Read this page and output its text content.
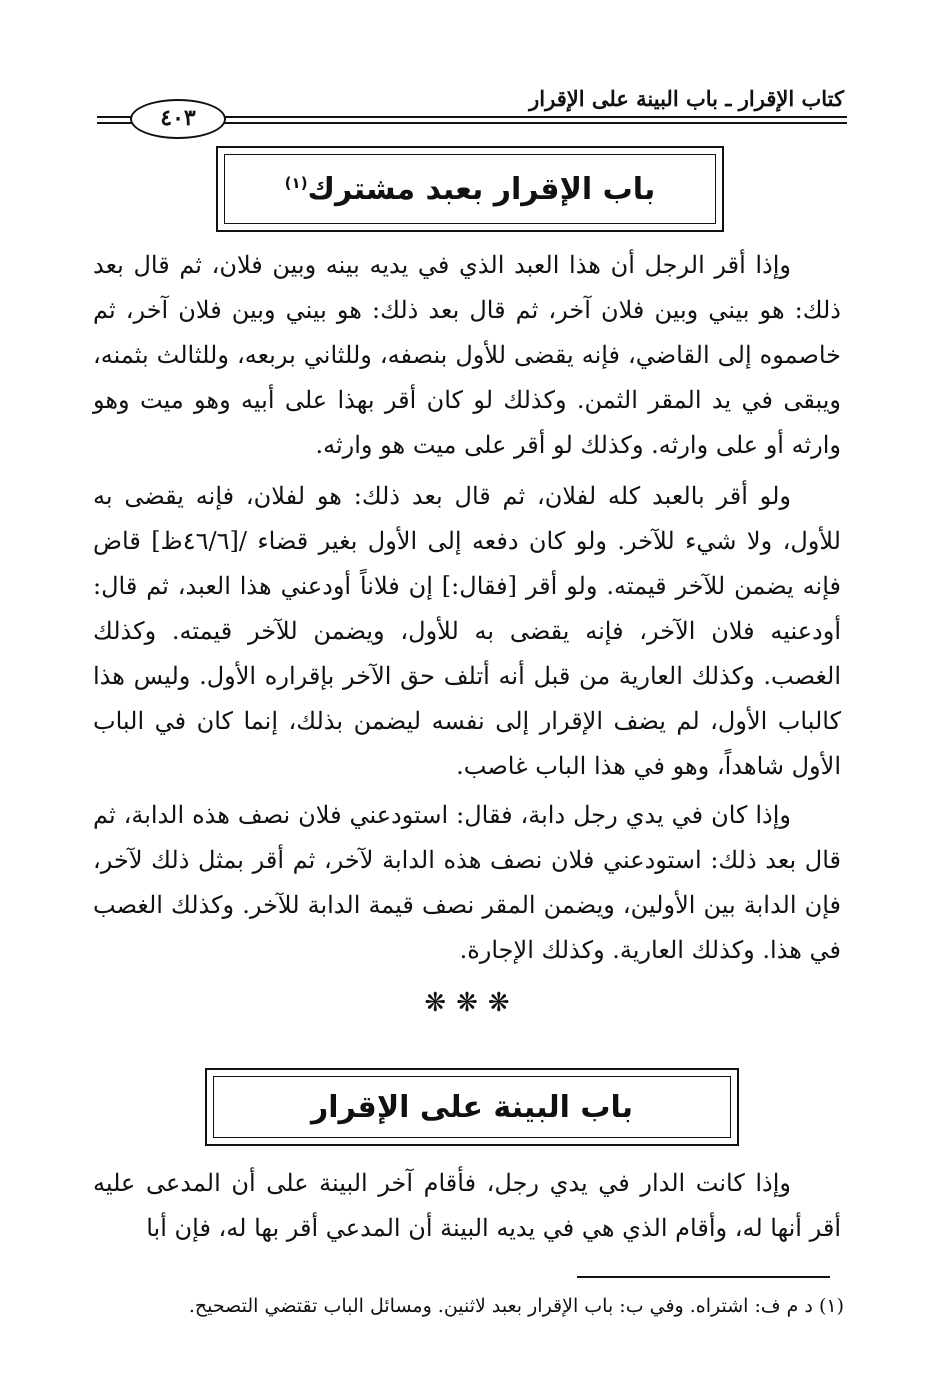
كتاب الإقرار ـ باب البينة على الإقرار
٤٠٣
باب الإقرار بعبد مشترك$^{(١)}$

وإذا أقر الرجل أن هذا العبد الذي في يديه بينه وبين فلان، ثم قال بعد ذلك: هو بيني وبين فلان آخر، ثم قال بعد ذلك: هو بيني وبين فلان آخر، ثم خاصموه إلى القاضي، فإنه يقضى للأول بنصفه، وللثاني بربعه، وللثالث بثمنه، ويبقى في يد المقر الثمن. وكذلك لو كان أقر بهذا على أبيه وهو ميت وهو وارثه أو على وارثه. وكذلك لو أقر على ميت هو وارثه.

ولو أقر بالعبد كله لفلان، ثم قال بعد ذلك: هو لفلان، فإنه يقضى به للأول، ولا شيء للآخر. ولو كان دفعه إلى الأول بغير قضاء /[٤٦/٦ظ] قاض فإنه يضمن للآخر قيمته. ولو أقر [فقال:] إن فلاناً أودعني هذا العبد، ثم قال: أودعنيه فلان الآخر، فإنه يقضى به للأول، ويضمن للآخر قيمته. وكذلك الغصب. وكذلك العارية من قبل أنه أتلف حق الآخر بإقراره الأول. وليس هذا كالباب الأول، لم يضف الإقرار إلى نفسه ليضمن بذلك، إنما كان في الباب الأول شاهداً، وهو في هذا الباب غاصب.

وإذا كان في يدي رجل دابة، فقال: استودعني فلان نصف هذه الدابة، ثم قال بعد ذلك: استودعني فلان نصف هذه الدابة لآخر، ثم أقر بمثل ذلك لآخر، فإن الدابة بين الأولين، ويضمن المقر نصف قيمة الدابة للآخر. وكذلك الغصب في هذا. وكذلك العارية. وكذلك الإجارة.

❋❋❋
باب البينة على الإقرار

وإذا كانت الدار في يدي رجل، فأقام آخر البينة على أن المدعى عليه أقر أنها له، وأقام الذي هي في يديه البينة أن المدعي أقر بها له، فإن أبا

(١) د م ف: اشتراه. وفي ب: باب الإقرار بعبد لاثنين. ومسائل الباب تقتضي التصحيح.
